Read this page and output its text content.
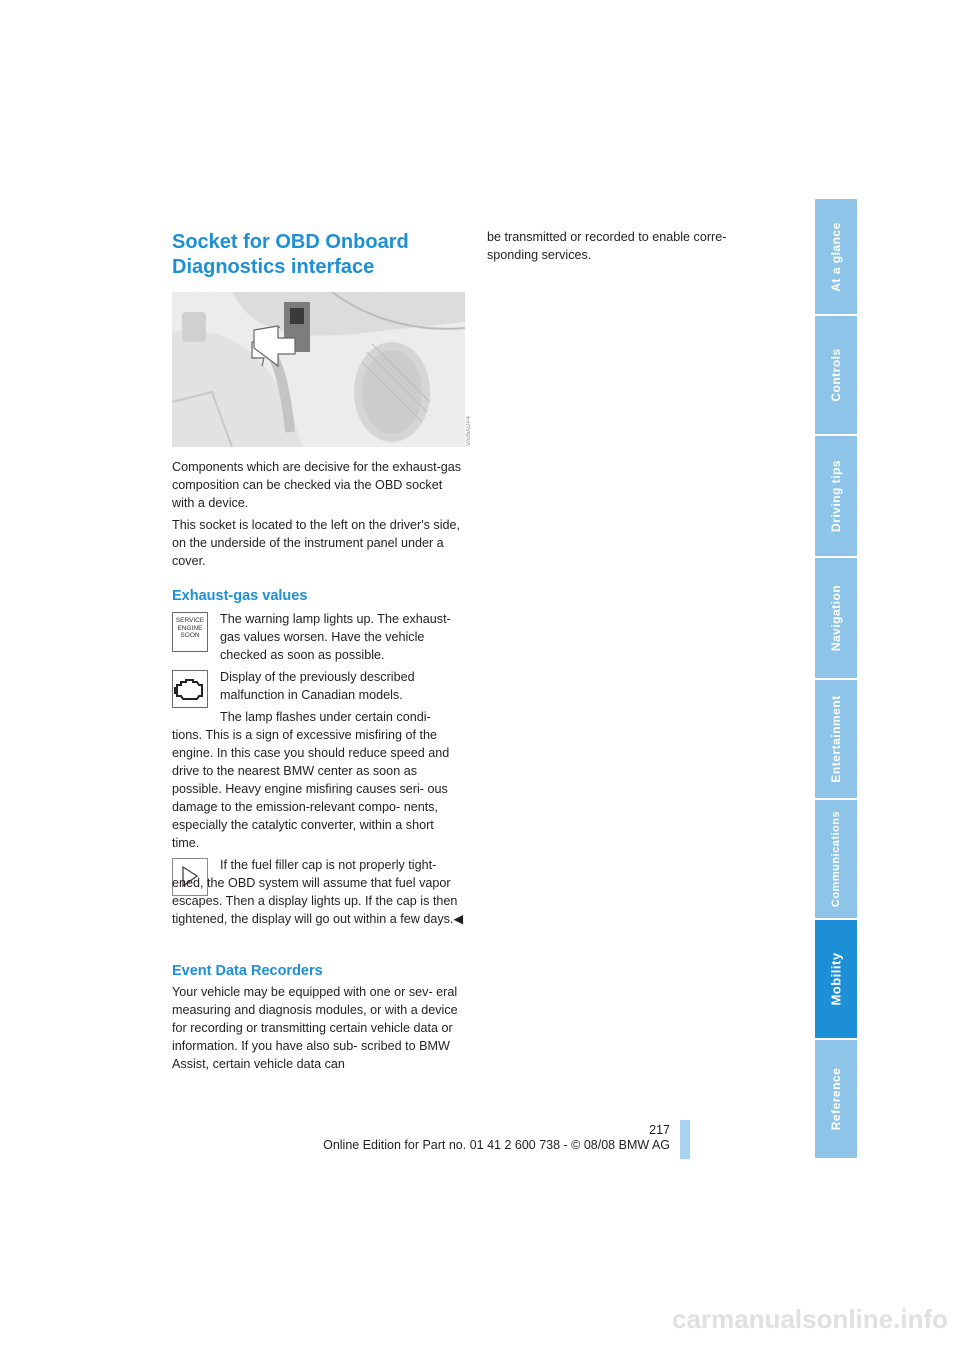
Socket for OBD Onboard Diagnostics interface

be transmitted or recorded to enable corre- sponding services.

VA05ADP4

Components which are decisive for the exhaust-gas composition can be checked via the OBD socket with a device.

This socket is located to the left on the driver's side, on the underside of the instrument panel under a cover.

Exhaust-gas values
SERVICE ENGINE SOON

The warning lamp lights up. The exhaust-gas values worsen. Have the vehicle checked as soon as possible.

Display of the previously described malfunction in Canadian models.

The lamp flashes under certain condi- tions. This is a sign of excessive misfiring of the engine. In this case you should reduce speed and drive to the nearest BMW center as soon as possible. Heavy engine misfiring causes seri- ous damage to the emission-relevant compo- nents, especially the catalytic converter, within a short time.

If the fuel filler cap is not properly tight- ened, the OBD system will assume that fuel vapor escapes. Then a display lights up. If the cap is then tightened, the display will go out within a few days.◀

Event Data Recorders

Your vehicle may be equipped with one or sev- eral measuring and diagnosis modules, or with a device for recording or transmitting certain vehicle data or information. If you have also sub- scribed to BMW Assist, certain vehicle data can

At a glance
Controls
Driving tips
Navigation
Entertainment
Communications
Mobility
Reference
217
Online Edition for Part no. 01 41 2 600 738 - © 08/08 BMW AG
carmanualsonline.info
